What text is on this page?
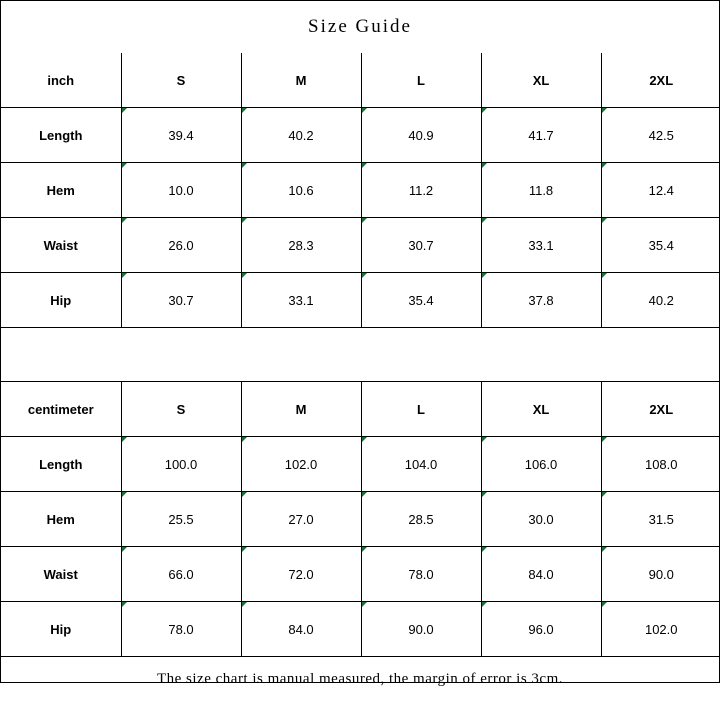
Size Guide
inch	S	M	L	XL	2XL
Length	39.4	40.2	40.9	41.7	42.5
Hem	10.0	10.6	11.2	11.8	12.4
Waist	26.0	28.3	30.7	33.1	35.4
Hip	30.7	33.1	35.4	37.8	40.2
centimeter	S	M	L	XL	2XL
Length	100.0	102.0	104.0	106.0	108.0
Hem	25.5	27.0	28.5	30.0	31.5
Waist	66.0	72.0	78.0	84.0	90.0
Hip	78.0	84.0	90.0	96.0	102.0
The size chart is manual measured, the margin of error is 3cm.
